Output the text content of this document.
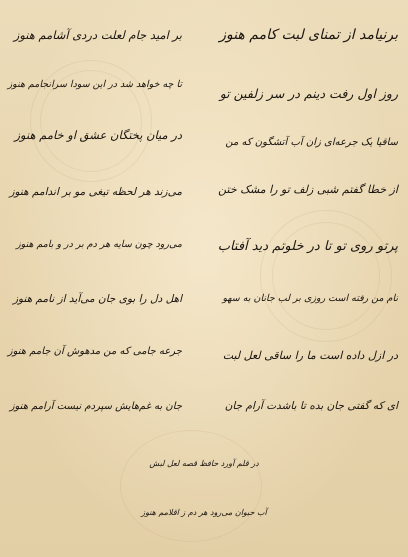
برنیامد از تمنای لبت کامم هنوز
بر امید جام لعلت دردی آشامم هنوز
روز اول رفت دینم در سر زلفین تو
تا چه خواهد شد در این سودا سرانجامم هنوز
ساقیا یک جرعه‌ای زان آب آتشگون که من
در میان پختگان عشق او خامم هنوز
از خطا گفتم شبی زلف تو را مشک ختن
می‌زند هر لحظه تیغی مو بر اندامم هنوز
پرتو روی تو تا در خلوتم دید آفتاب
می‌رود چون سایه هر دم بر در و بامم هنوز
نام من رفته است روزی بر لب جانان به سهو
اهل دل را بوی جان می‌آید از نامم هنوز
در ازل داده است ما را ساقی لعل لبت
جرعه جامی که من مدهوش آن جامم هنوز
ای که گفتی جان بده تا باشدت آرام جان
جان به غم‌هایش سپردم نیست آرامم هنوز
در قلم آورد حافظ قصه لعل لبش
آب حیوان می‌رود هر دم ز اقلامم هنوز
